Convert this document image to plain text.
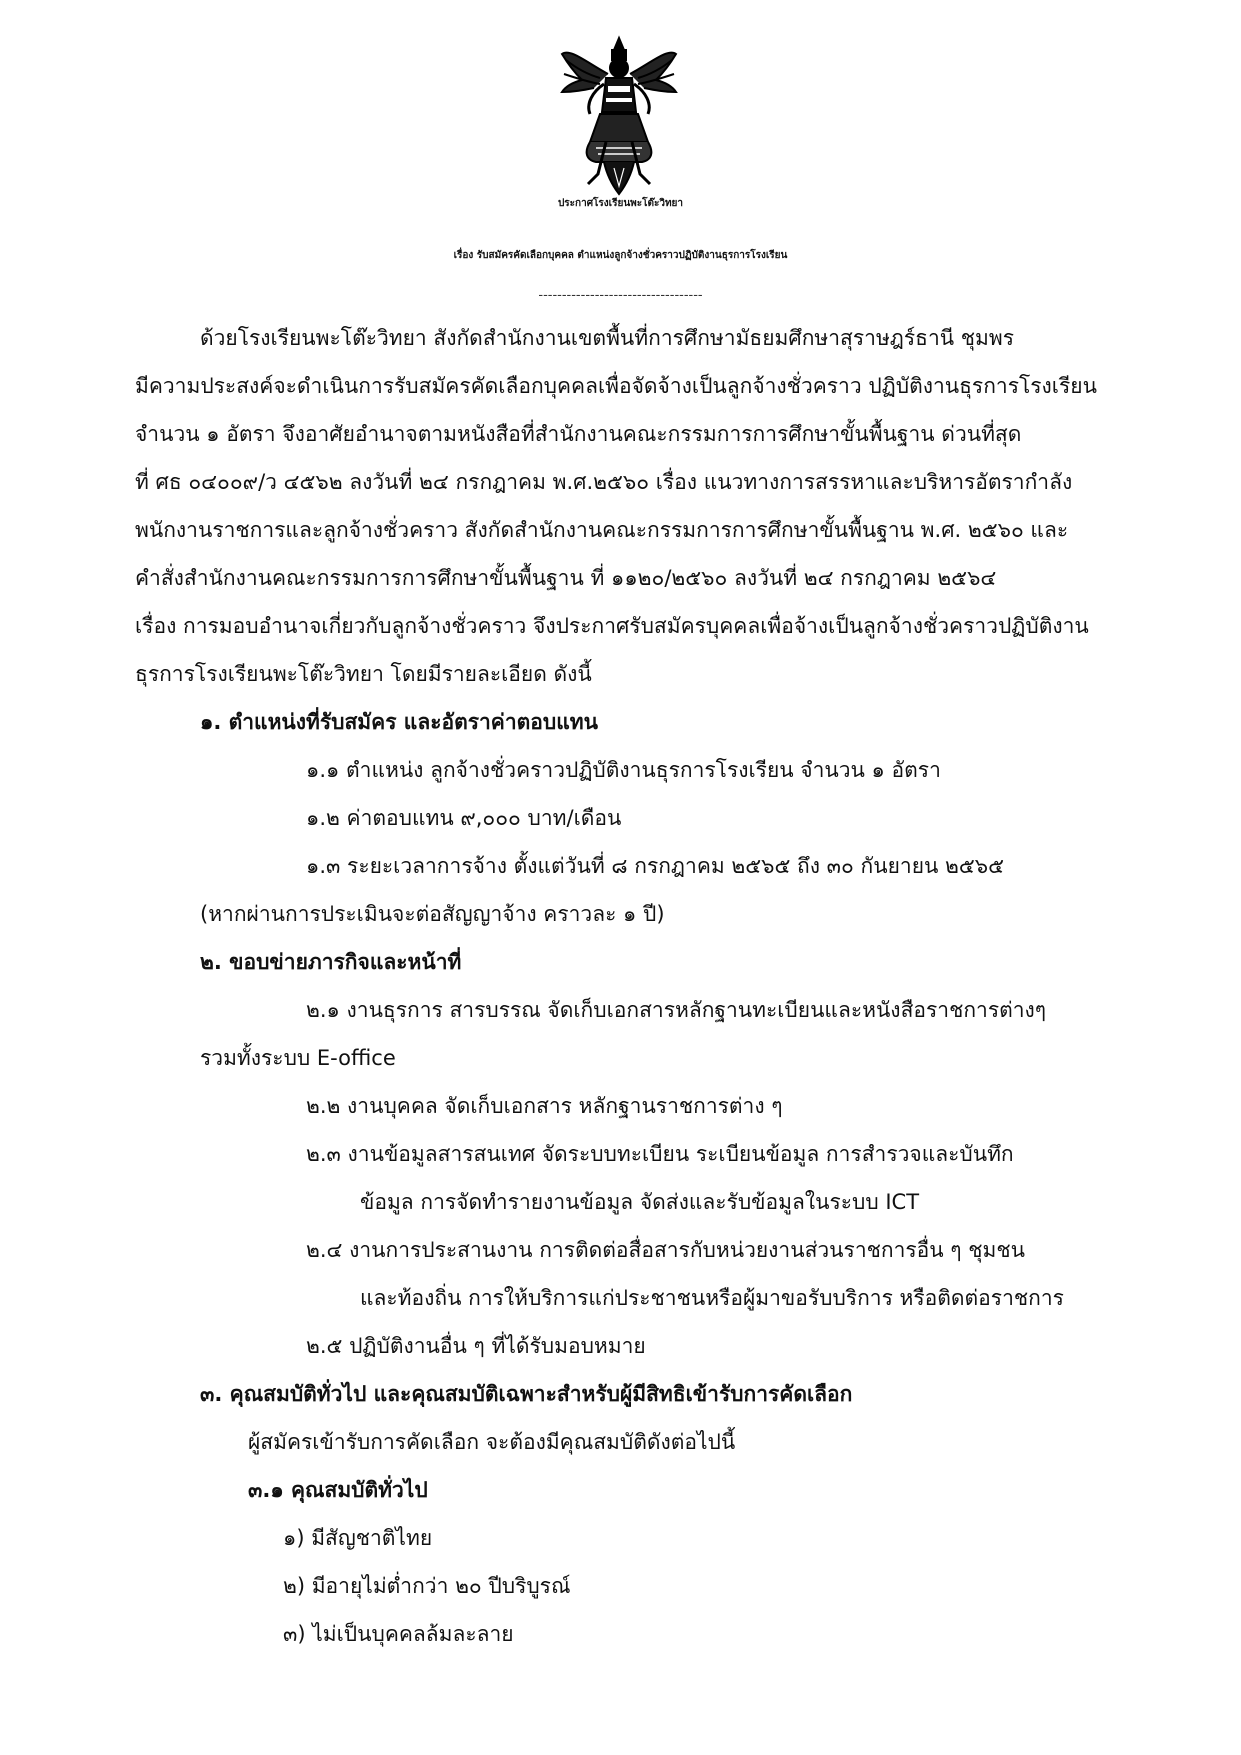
ประกาศโรงเรียนพะโต๊ะวิทยา
เรื่อง รับสมัครคัดเลือกบุคคล ตำแหน่งลูกจ้างชั่วคราวปฏิบัติงานธุรการโรงเรียน
-----------------------------------
ด้วยโรงเรียนพะโต๊ะวิทยา สังกัดสำนักงานเขตพื้นที่การศึกษามัธยมศึกษาสุราษฎร์ธานี ชุมพร
มีความประสงค์จะดำเนินการรับสมัครคัดเลือกบุคคลเพื่อจัดจ้างเป็นลูกจ้างชั่วคราว ปฏิบัติงานธุรการโรงเรียน
จำนวน ๑ อัตรา จึงอาศัยอำนาจตามหนังสือที่สำนักงานคณะกรรมการการศึกษาขั้นพื้นฐาน ด่วนที่สุด
ที่ ศธ ๐๔๐๐๙/ว ๔๕๖๒ ลงวันที่ ๒๔ กรกฎาคม พ.ศ.๒๕๖๐ เรื่อง แนวทางการสรรหาและบริหารอัตรากำลัง
พนักงานราชการและลูกจ้างชั่วคราว สังกัดสำนักงานคณะกรรมการการศึกษาขั้นพื้นฐาน พ.ศ. ๒๕๖๐ และ
คำสั่งสำนักงานคณะกรรมการการศึกษาขั้นพื้นฐาน ที่ ๑๑๒๐/๒๕๖๐ ลงวันที่ ๒๔ กรกฎาคม ๒๕๖๔
เรื่อง การมอบอำนาจเกี่ยวกับลูกจ้างชั่วคราว จึงประกาศรับสมัครบุคคลเพื่อจ้างเป็นลูกจ้างชั่วคราวปฏิบัติงาน
ธุรการโรงเรียนพะโต๊ะวิทยา โดยมีรายละเอียด ดังนี้
๑. ตำแหน่งที่รับสมัคร และอัตราค่าตอบแทน
๑.๑ ตำแหน่ง ลูกจ้างชั่วคราวปฏิบัติงานธุรการโรงเรียน จำนวน ๑ อัตรา
๑.๒ ค่าตอบแทน ๙,๐๐๐ บาท/เดือน
๑.๓ ระยะเวลาการจ้าง ตั้งแต่วันที่ ๘ กรกฎาคม ๒๕๖๕ ถึง ๓๐ กันยายน ๒๕๖๕
(หากผ่านการประเมินจะต่อสัญญาจ้าง คราวละ ๑ ปี)
๒. ขอบข่ายภารกิจและหน้าที่
๒.๑ งานธุรการ สารบรรณ จัดเก็บเอกสารหลักฐานทะเบียนและหนังสือราชการต่างๆ
รวมทั้งระบบ E-office
๒.๒ งานบุคคล จัดเก็บเอกสาร หลักฐานราชการต่าง ๆ
๒.๓ งานข้อมูลสารสนเทศ จัดระบบทะเบียน ระเบียนข้อมูล การสำรวจและบันทึก
ข้อมูล การจัดทำรายงานข้อมูล จัดส่งและรับข้อมูลในระบบ ICT
๒.๔ งานการประสานงาน การติดต่อสื่อสารกับหน่วยงานส่วนราชการอื่น ๆ ชุมชน
และท้องถิ่น การให้บริการแก่ประชาชนหรือผู้มาขอรับบริการ หรือติดต่อราชการ
๒.๕ ปฏิบัติงานอื่น ๆ ที่ได้รับมอบหมาย
๓. คุณสมบัติทั่วไป และคุณสมบัติเฉพาะสำหรับผู้มีสิทธิเข้ารับการคัดเลือก
ผู้สมัครเข้ารับการคัดเลือก จะต้องมีคุณสมบัติดังต่อไปนี้
๓.๑ คุณสมบัติทั่วไป
๑) มีสัญชาติไทย
๒) มีอายุไม่ต่ำกว่า ๒๐ ปีบริบูรณ์
๓) ไม่เป็นบุคคลล้มละลาย
